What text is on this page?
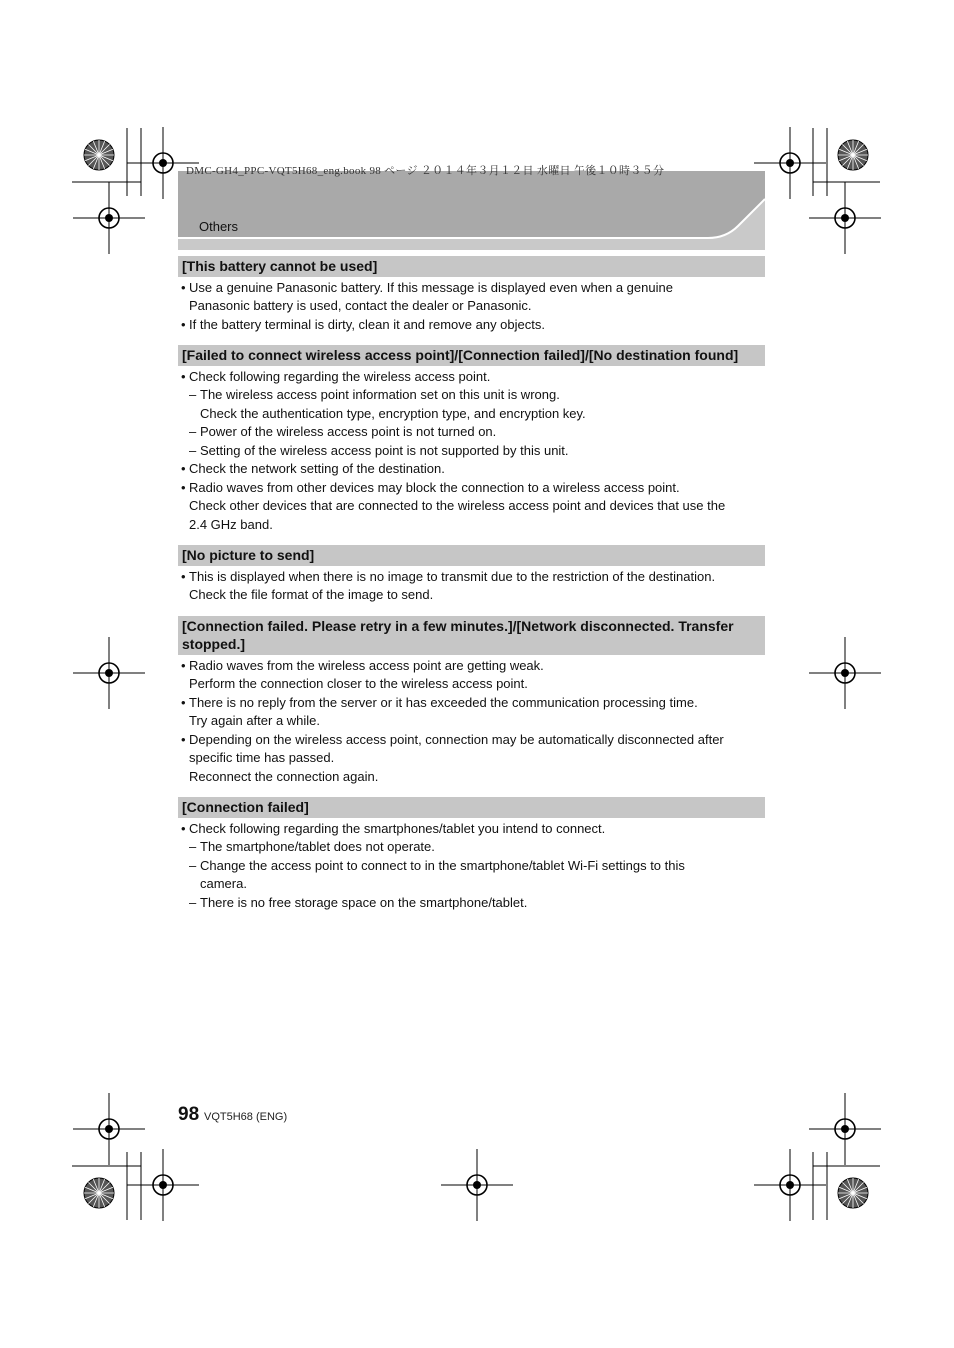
DMC-GH4_PPC-VQT5H68_eng.book 98 ページ ２０１４年３月１２日 水曜日 午後１０時３５分
Others
[This battery cannot be used]
• Use a genuine Panasonic battery. If this message is displayed even when a genuine
Panasonic battery is used, contact the dealer or Panasonic.
• If the battery terminal is dirty, clean it and remove any objects.
[Failed to connect wireless access point]/[Connection failed]/[No destination found]
• Check following regarding the wireless access point.
– The wireless access point information set on this unit is wrong.
Check the authentication type, encryption type, and encryption key.
– Power of the wireless access point is not turned on.
– Setting of the wireless access point is not supported by this unit.
• Check the network setting of the destination.
• Radio waves from other devices may block the connection to a wireless access point.
Check other devices that are connected to the wireless access point and devices that use the
2.4 GHz band.
[No picture to send]
• This is displayed when there is no image to transmit due to the restriction of the destination.
Check the file format of the image to send.
[Connection failed. Please retry in a few minutes.]/[Network disconnected. Transfer stopped.]
• Radio waves from the wireless access point are getting weak.
Perform the connection closer to the wireless access point.
• There is no reply from the server or it has exceeded the communication processing time.
Try again after a while.
• Depending on the wireless access point, connection may be automatically disconnected after
specific time has passed.
Reconnect the connection again.
[Connection failed]
• Check following regarding the smartphones/tablet you intend to connect.
– The smartphone/tablet does not operate.
– Change the access point to connect to in the smartphone/tablet Wi-Fi settings to this
camera.
– There is no free storage space on the smartphone/tablet.
98 VQT5H68 (ENG)
